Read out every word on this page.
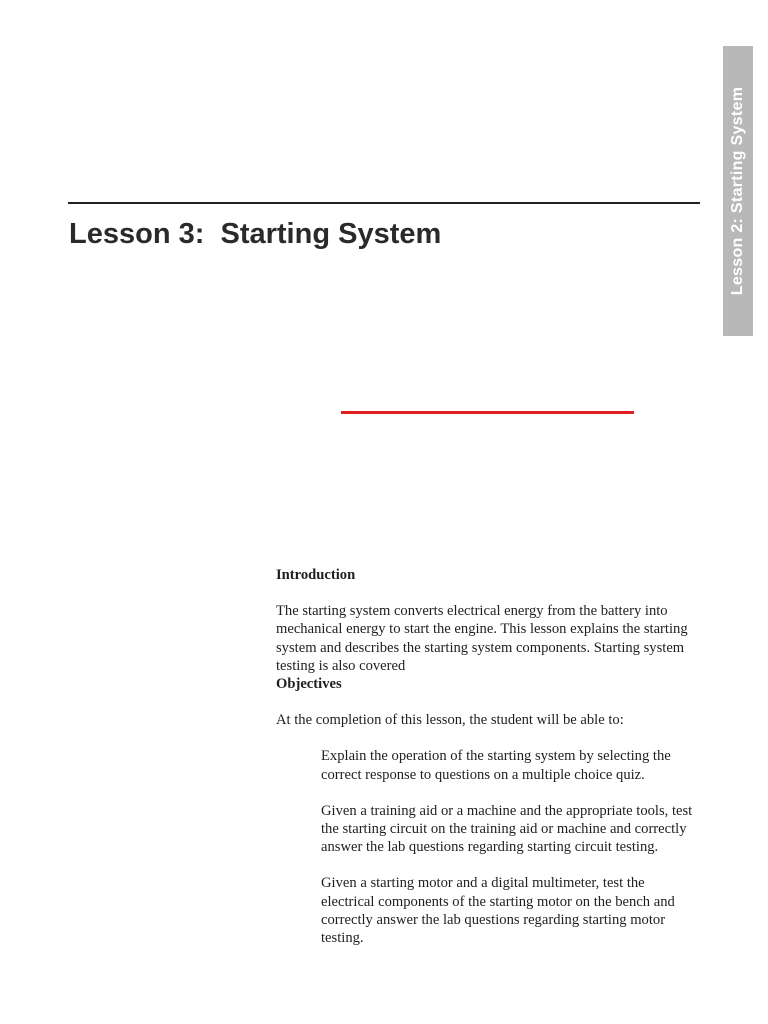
Lesson 2: Starting System
Lesson 3:  Starting System

Introduction

The starting system converts electrical energy from the battery into mechanical energy to start the engine. This lesson explains the starting system and describes the starting system components. Starting system testing is also covered

Objectives

At the completion of this lesson, the student will be able to:

Explain the operation of the starting system by selecting the correct response to questions on a multiple choice quiz.

Given a training aid or a machine and the appropriate tools, test the starting circuit on the training aid or machine and correctly answer the lab questions regarding starting circuit testing.

Given a starting motor and a digital multimeter, test the electrical components of the starting motor on the bench and correctly answer the lab questions regarding starting motor testing.
